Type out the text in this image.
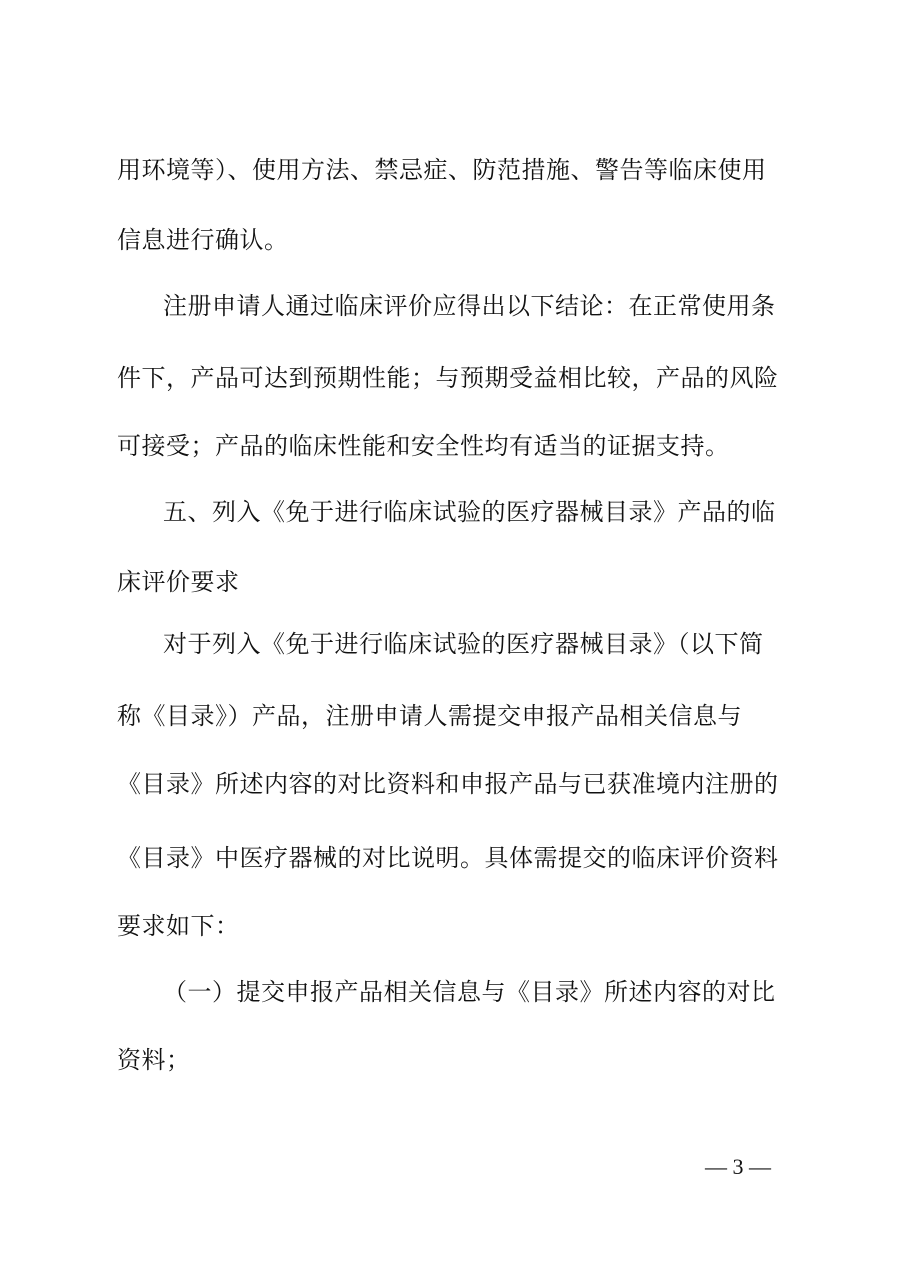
用环境等）、使用方法、禁忌症、防范措施、警告等临床使用
信息进行确认。
注册申请人通过临床评价应得出以下结论：在正常使用条
件下，产品可达到预期性能；与预期受益相比较，产品的风险
可接受；产品的临床性能和安全性均有适当的证据支持。
五、列入《免于进行临床试验的医疗器械目录》产品的临
床评价要求
对于列入《免于进行临床试验的医疗器械目录》（以下简
称《目录》）产品，注册申请人需提交申报产品相关信息与
《目录》所述内容的对比资料和申报产品与已获准境内注册的
《目录》中医疗器械的对比说明。具体需提交的临床评价资料
要求如下：
（一）提交申报产品相关信息与《目录》所述内容的对比
资料；
— 3 —
